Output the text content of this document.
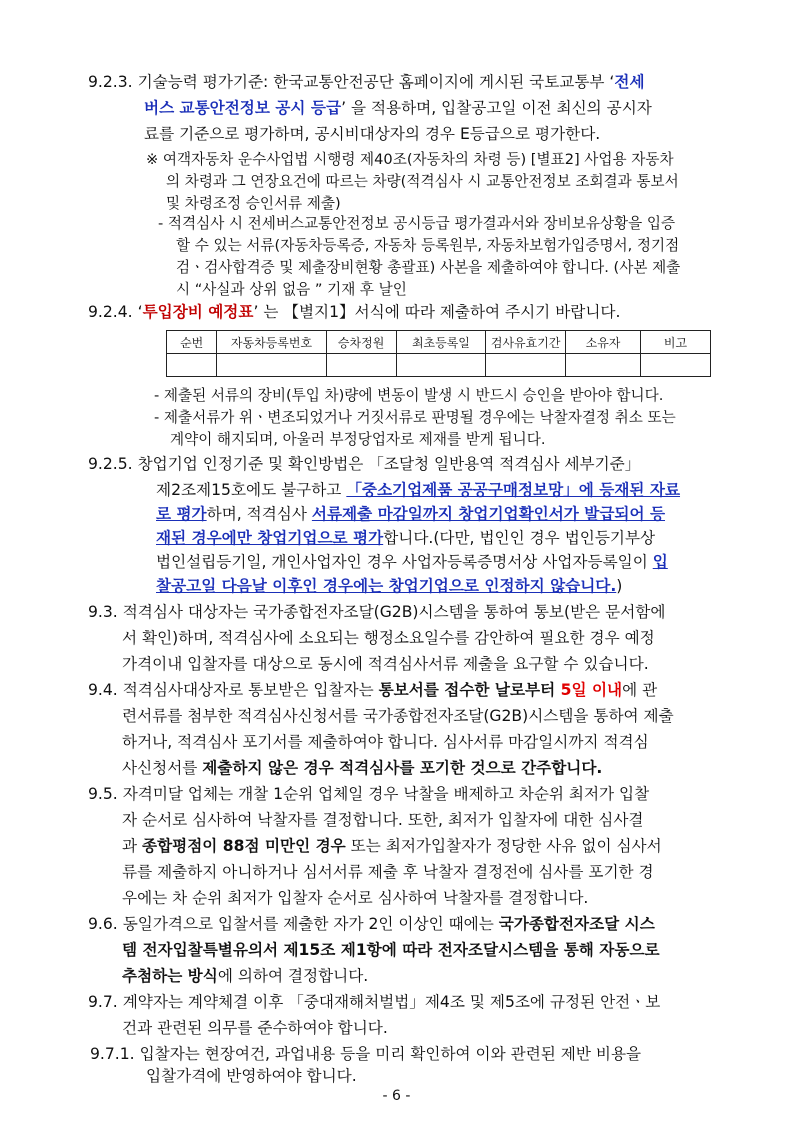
9.2.3. 기술능력 평가기준: 한국교통안전공단 홈페이지에 게시된 국토교통부 ‘전세
버스 교통안전정보 공시 등급’ 을 적용하며, 입찰공고일 이전 최신의 공시자
료를 기준으로 평가하며, 공시비대상자의 경우 E등급으로 평가한다.
※ 여객자동차 운수사업법 시행령 제40조(자동차의 차령 등) [별표2] 사업용 자동차
의 차령과 그 연장요건에 따르는 차량(적격심사 시 교통안전정보 조회결과 통보서
및 차령조정 승인서류 제출)
- 적격심사 시 전세버스교통안전정보 공시등급 평가결과서와 장비보유상황을 입증
할 수 있는 서류(자동차등록증, 자동차 등록원부, 자동차보험가입증명서, 정기점
검ㆍ검사합격증 및 제출장비현황 총괄표) 사본을 제출하여야 합니다. (사본 제출
시 “사실과 상위 없음 ” 기재 후 날인
9.2.4. ‘투입장비 예정표’ 는 【별지1】서식에 따라 제출하여 주시기 바랍니다.
순번	자동차등록번호	승차정원	최초등록일	검사유효기간	소유자	비고

- 제출된 서류의 장비(투입 차)량에 변동이 발생 시 반드시 승인을 받아야 합니다.
- 제출서류가 위ㆍ변조되었거나 거짓서류로 판명될 경우에는 낙찰자결정 취소 또는
계약이 해지되며, 아울러 부정당업자로 제재를 받게 됩니다.
9.2.5. 창업기업 인정기준 및 확인방법은 「조달청 일반용역 적격심사 세부기준」
제2조제15호에도 불구하고 「중소기업제품 공공구매정보망」에 등재된 자료
로 평가하며, 적격심사 서류제출 마감일까지 창업기업확인서가 발급되어 등
재된 경우에만 창업기업으로 평가합니다.(다만, 법인인 경우 법인등기부상
법인설립등기일, 개인사업자인 경우 사업자등록증명서상 사업자등록일이 입
찰공고일 다음날 이후인 경우에는 창업기업으로 인정하지 않습니다.)
9.3. 적격심사 대상자는 국가종합전자조달(G2B)시스템을 통하여 통보(받은 문서함에
서 확인)하며, 적격심사에 소요되는 행정소요일수를 감안하여 필요한 경우 예정
가격이내 입찰자를 대상으로 동시에 적격심사서류 제출을 요구할 수 있습니다.
9.4. 적격심사대상자로 통보받은 입찰자는 통보서를 접수한 날로부터 5일 이내에 관
련서류를 첨부한 적격심사신청서를 국가종합전자조달(G2B)시스템을 통하여 제출
하거나, 적격심사 포기서를 제출하여야 합니다. 심사서류 마감일시까지 적격심
사신청서를 제출하지 않은 경우 적격심사를 포기한 것으로 간주합니다.
9.5. 자격미달 업체는 개찰 1순위 업체일 경우 낙찰을 배제하고 차순위 최저가 입찰
자 순서로 심사하여 낙찰자를 결정합니다. 또한, 최저가 입찰자에 대한 심사결
과 종합평점이 88점 미만인 경우 또는 최저가입찰자가 정당한 사유 없이 심사서
류를 제출하지 아니하거나 심서서류 제출 후 낙찰자 결정전에 심사를 포기한 경
우에는 차 순위 최저가 입찰자 순서로 심사하여 낙찰자를 결정합니다.
9.6. 동일가격으로 입찰서를 제출한 자가 2인 이상인 때에는 국가종합전자조달 시스
템 전자입찰특별유의서 제15조 제1항에 따라 전자조달시스템을 통해 자동으로
추첨하는 방식에 의하여 결정합니다.
9.7. 계약자는 계약체결 이후 「중대재해처벌법」제4조 및 제5조에 규정된 안전ㆍ보
건과 관련된 의무를 준수하여야 합니다.
9.7.1. 입찰자는 현장여건, 과업내용 등을 미리 확인하여 이와 관련된 제반 비용을
입찰가격에 반영하여야 합니다.
- 6 -
